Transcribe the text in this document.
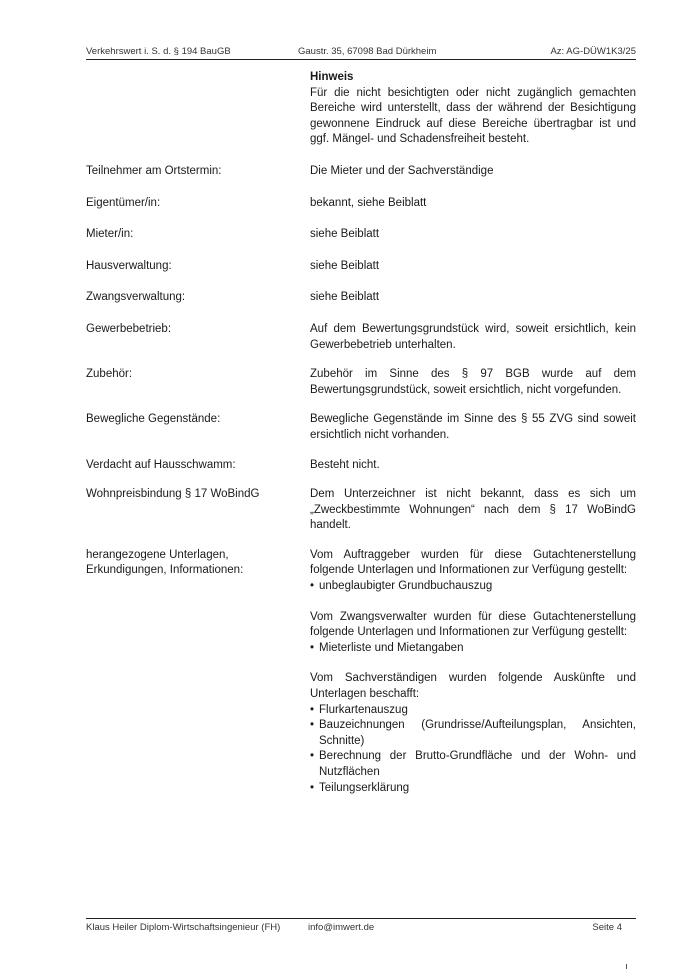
Verkehrswert i. S. d. § 194 BauGB	Gaustr. 35, 67098 Bad Dürkheim	Az: AG-DÜW1K3/25

Hinweis

Für die nicht besichtigten oder nicht zugänglich gemachten Bereiche wird unterstellt, dass der während der Besichtigung gewonnene Eindruck auf diese Bereiche übertragbar ist und ggf. Mängel- und Schadensfreiheit besteht.

Teilnehmer am Ortstermin:	Die Mieter und der Sachverständige
Eigentümer/in:	bekannt, siehe Beiblatt
Mieter/in:	siehe Beiblatt
Hausverwaltung:	siehe Beiblatt
Zwangsverwaltung:	siehe Beiblatt
Gewerbebetrieb:	Auf dem Bewertungsgrundstück wird, soweit ersichtlich, kein Gewerbebetrieb unterhalten.
Zubehör:	Zubehör im Sinne des § 97 BGB wurde auf dem Bewertungsgrundstück, soweit ersichtlich, nicht vorgefunden.
Bewegliche Gegenstände:	Bewegliche Gegenstände im Sinne des § 55 ZVG sind soweit ersichtlich nicht vorhanden.
Verdacht auf Hausschwamm:	Besteht nicht.
Wohnpreisbindung § 17 WoBindG	Dem Unterzeichner ist nicht bekannt, dass es sich um „Zweckbestimmte Wohnungen“ nach dem § 17 WoBindG handelt.
herangezogene Unterlagen, Erkundigungen, Informationen:

Vom Auftraggeber wurden für diese Gutachtenerstellung folgende Unterlagen und Informationen zur Verfügung gestellt:

• unbeglaubigter Grundbuchauszug

Vom Zwangsverwalter wurden für diese Gutachtenerstellung folgende Unterlagen und Informationen zur Verfügung gestellt:

• Mieterliste und Mietangaben

Vom Sachverständigen wurden folgende Auskünfte und Unterlagen beschafft:

• Flurkartenauszug
• Bauzeichnungen (Grundrisse/Aufteilungsplan, Ansichten, Schnitte)
• Berechnung der Brutto-Grundfläche und der Wohn- und Nutzflächen
• Teilungserklärung
Klaus Heiler Diplom-Wirtschaftsingenieur (FH)	info@imwert.de	Seite 4
